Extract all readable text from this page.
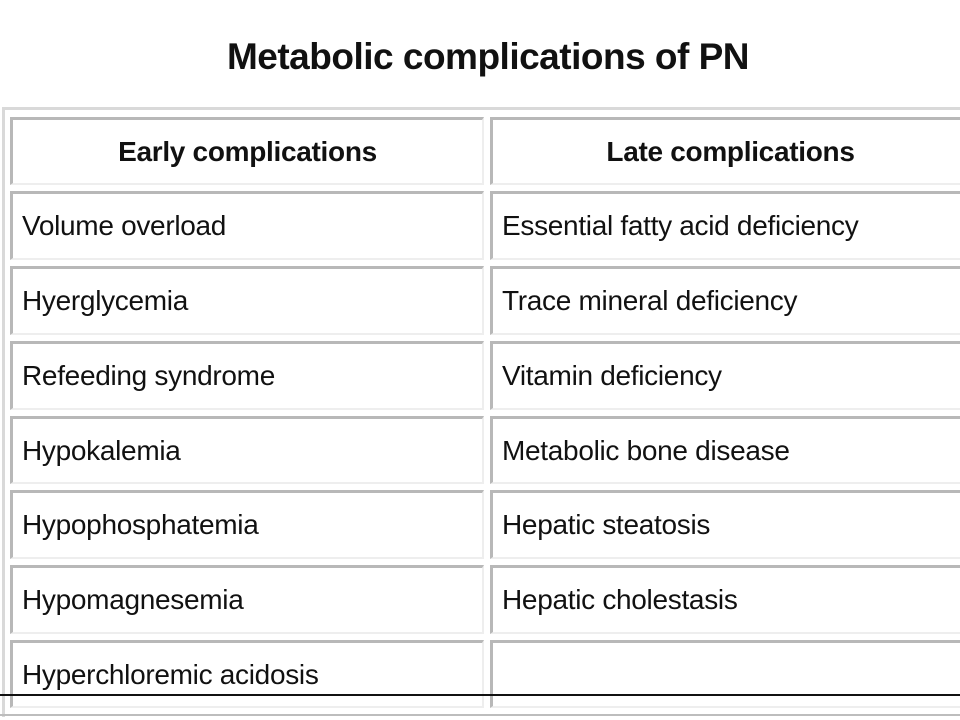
Metabolic complications of PN
Early complications	Late complications
Volume overload	Essential fatty acid deficiency
Hyerglycemia	Trace mineral deficiency
Refeeding syndrome	Vitamin deficiency
Hypokalemia	Metabolic bone disease
Hypophosphatemia	Hepatic steatosis
Hypomagnesemia	Hepatic cholestasis
Hyperchloremic acidosis
